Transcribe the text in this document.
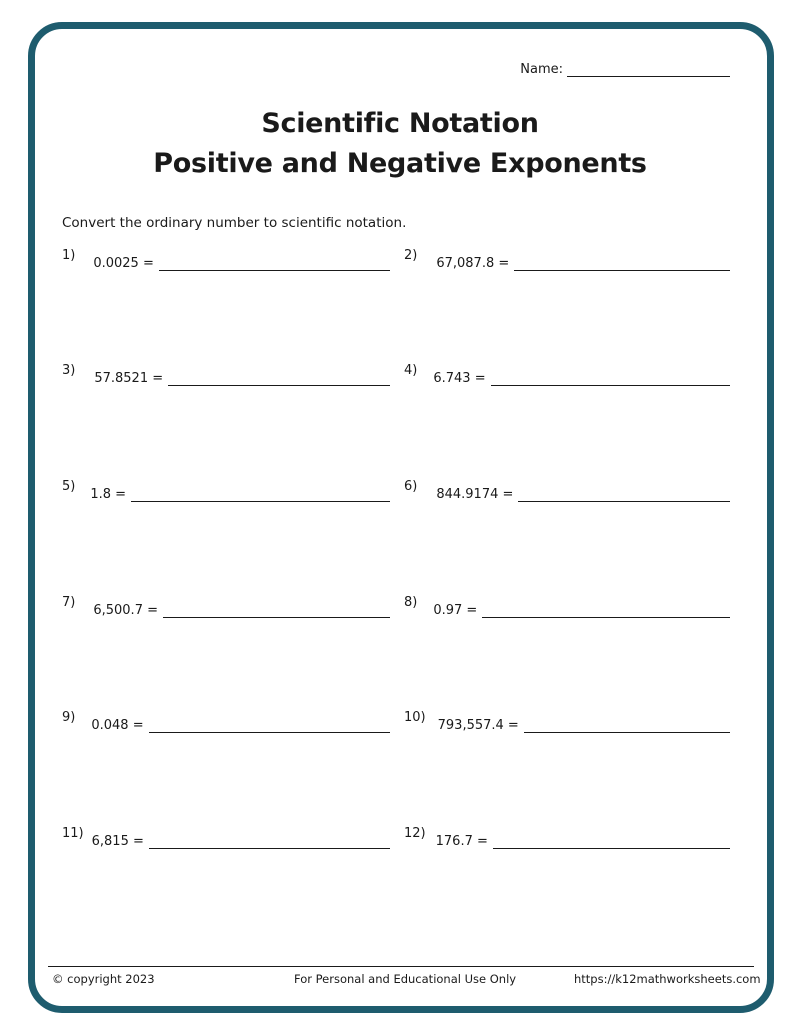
Name:
Scientific Notation
Positive and Negative Exponents
Convert the ordinary number to scientific notation.
1)
0.0025 =
2)
67,087.8 =
3)
57.8521 =
4)
6.743 =
5)
1.8 =
6)
844.9174 =
7)
6,500.7 =
8)
0.97 =
9)
0.048 =
10)
793,557.4 =
11)
6,815 =
12)
176.7 =
© copyright 2023	For Personal and Educational Use Only	https://k12mathworksheets.com
